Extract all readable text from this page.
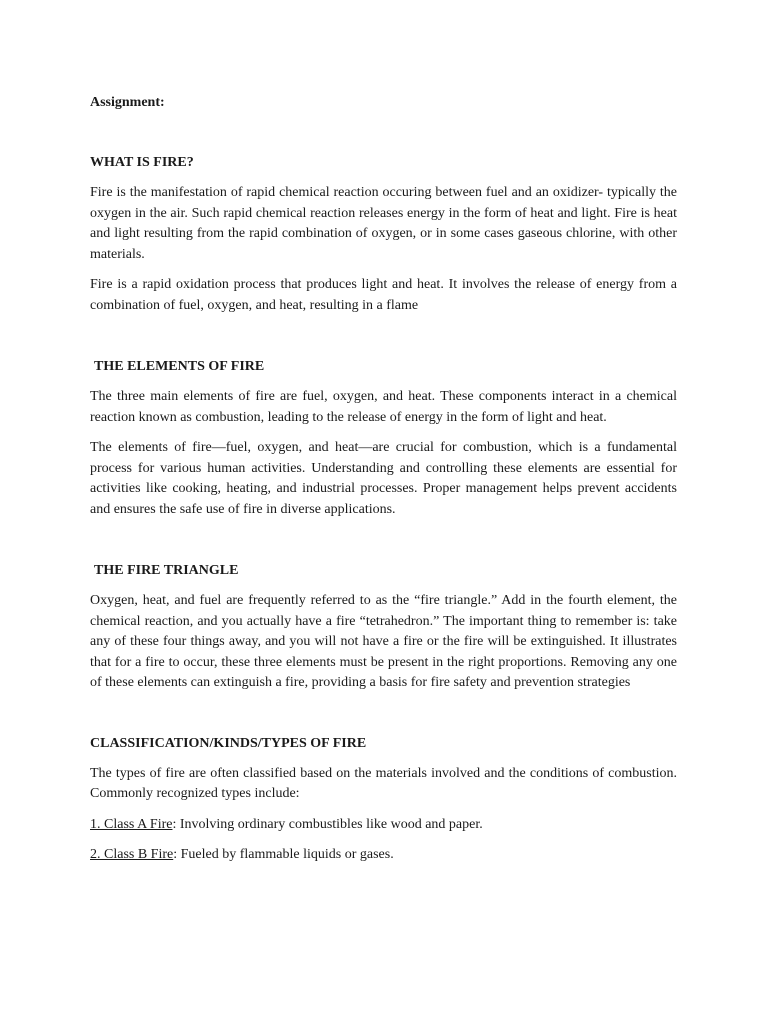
Assignment:

WHAT IS FIRE?

Fire is the manifestation of rapid chemical reaction occuring between fuel and an oxidizer- typically the oxygen in the air. Such rapid chemical reaction releases energy in the form of heat and light. Fire is heat and light resulting from the rapid combination of oxygen, or in some cases gaseous chlorine, with other materials.

Fire is a rapid oxidation process that produces light and heat. It involves the release of energy from a combination of fuel, oxygen, and heat, resulting in a flame

THE ELEMENTS OF FIRE

The three main elements of fire are fuel, oxygen, and heat. These components interact in a chemical reaction known as combustion, leading to the release of energy in the form of light and heat.

The elements of fire—fuel, oxygen, and heat—are crucial for combustion, which is a fundamental process for various human activities. Understanding and controlling these elements are essential for activities like cooking, heating, and industrial processes. Proper management helps prevent accidents and ensures the safe use of fire in diverse applications.

THE FIRE TRIANGLE

Oxygen, heat, and fuel are frequently referred to as the “fire triangle.” Add in the fourth element, the chemical reaction, and you actually have a fire “tetrahedron.” The important thing to remember is: take any of these four things away, and you will not have a fire or the fire will be extinguished. It illustrates that for a fire to occur, these three elements must be present in the right proportions. Removing any one of these elements can extinguish a fire, providing a basis for fire safety and prevention strategies

CLASSIFICATION/KINDS/TYPES OF FIRE

The types of fire are often classified based on the materials involved and the conditions of combustion. Commonly recognized types include:

1. Class A Fire: Involving ordinary combustibles like wood and paper.

2. Class B Fire: Fueled by flammable liquids or gases.
